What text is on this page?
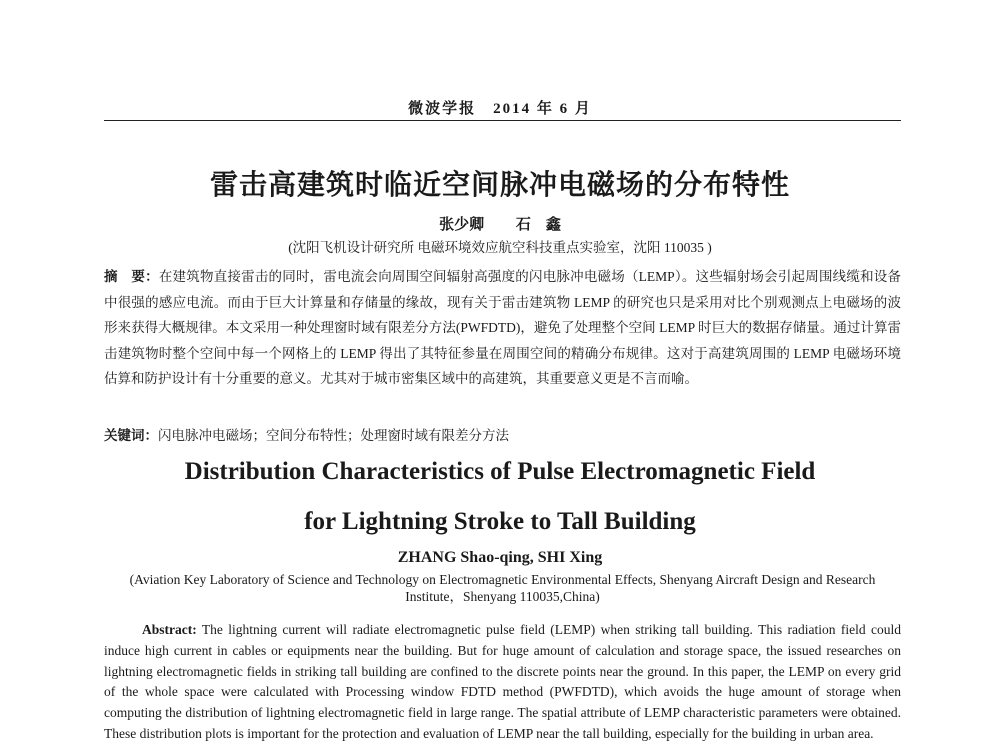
微波学报　2014 年 6 月
雷击高建筑时临近空间脉冲电磁场的分布特性
张少卿 石　鑫
(沈阳飞机设计研究所 电磁环境效应航空科技重点实验室，沈阳 110035 )
摘　要：在建筑物直接雷击的同时，雷电流会向周围空间辐射高强度的闪电脉冲电磁场（LEMP）。这些辐射场会引起周围线缆和设备中很强的感应电流。而由于巨大计算量和存储量的缘故，现有关于雷击建筑物 LEMP 的研究也只是采用对比个别观测点上电磁场的波形来获得大概规律。本文采用一种处理窗时域有限差分方法(PWFDTD)，避免了处理整个空间 LEMP 时巨大的数据存储量。通过计算雷击建筑物时整个空间中每一个网格上的 LEMP 得出了其特征参量在周围空间的精确分布规律。这对于高建筑周围的 LEMP 电磁场环境估算和防护设计有十分重要的意义。尤其对于城市密集区域中的高建筑，其重要意义更是不言而喻。
关键词：闪电脉冲电磁场；空间分布特性；处理窗时域有限差分方法
Distribution Characteristics of Pulse Electromagnetic Field
for Lightning Stroke to Tall Building
ZHANG Shao-qing, SHI Xing
(Aviation Key Laboratory of Science and Technology on Electromagnetic Environmental Effects, Shenyang Aircraft Design and Research Institute，Shenyang 110035,China)
Abstract: The lightning current will radiate electromagnetic pulse field (LEMP) when striking tall building. This radiation field could induce high current in cables or equipments near the building. But for huge amount of calculation and storage space, the issued researches on lightning electromagnetic fields in striking tall building are confined to the discrete points near the ground. In this paper, the LEMP on every grid of the whole space were calculated with Processing window FDTD method (PWFDTD), which avoids the huge amount of storage when computing the distribution of lightning electromagnetic field in large range. The spatial attribute of LEMP characteristic parameters were obtained. These distribution plots is important for the protection and evaluation of LEMP near the tall building, especially for the building in urban area.
